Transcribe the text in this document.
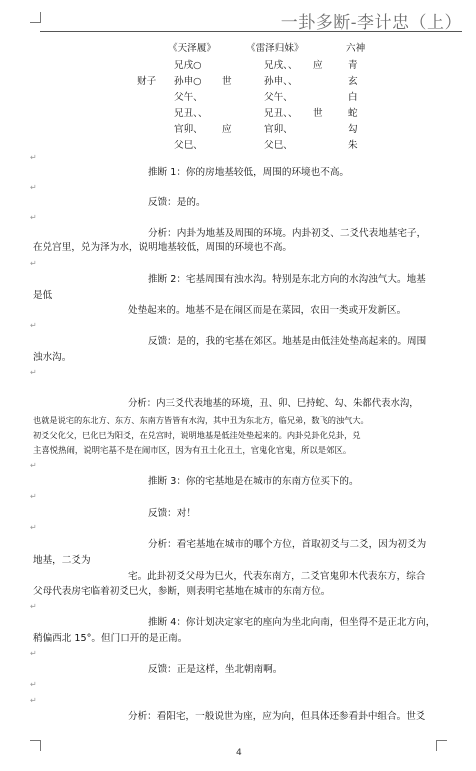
一卦多断-李计忠（上）
《天泽履》	《雷泽归妹》	六神
兄戌○	兄戌、、 应	青
财子 孙申○ 世	孙申、、	玄
父午、	父午、	白
兄丑、、	兄丑、、 世	蛇
官卯、 应	官卯、	勾
父巳、	父巳、	朱
推断 1：你的房地基较低，周围的环境也不高。
反馈：是的。
分析：内卦为地基及周围的环境。内卦初爻、二爻代表地基宅子，
在兑宫里，兑为泽为水，说明地基较低，周围的环境也不高。
推断 2：宅基周围有浊水沟。特别是东北方向的水沟浊气大。地基
是低
处垫起来的。地基不是在闹区而是在菜园，农田一类或开发新区。
反馈：是的，我的宅基在郊区。地基是由低洼处垫高起来的。周围
浊水沟。
分析：内三爻代表地基的环境，丑、卯、巳持蛇、勾、朱都代表水沟，
也就是说宅的东北方、东方、东南方皆皆有水沟，其中丑为东北方，临兄弟，数飞的浊气大。
初爻父化父，巳化巳为阳爻，在兑宫时，说明地基是低洼处垫起来的。内卦兑卦化兑卦，兑
主喜悦热闹，说明宅基不是在闹市区，因为有丑土化丑土，官鬼化官鬼，所以是郊区。
推断 3：你的宅基地是在城市的东南方位买下的。
反馈：对！
分析：看宅基地在城市的哪个方位，首取初爻与二爻，因为初爻为
地基，二爻为
宅。此卦初爻父母为巳火，代表东南方，二爻官鬼卯木代表东方，综合
父母代表房宅临着初爻巳火，参断，则表明宅基地在城市的东南方位。
推断 4：你计划决定家宅的座向为坐北向南，但坐得不是正北方向，
稍偏西北 15°。但门口开的是正南。
反馈：正是这样，坐北朝南啊。
分析：看阳宅，一般说世为座，应为向，但具体还参看卦中组合。世爻
↵
↵
↵
↵
↵
↵
↵
↵
↵
↵
↵
↵
↵
4
